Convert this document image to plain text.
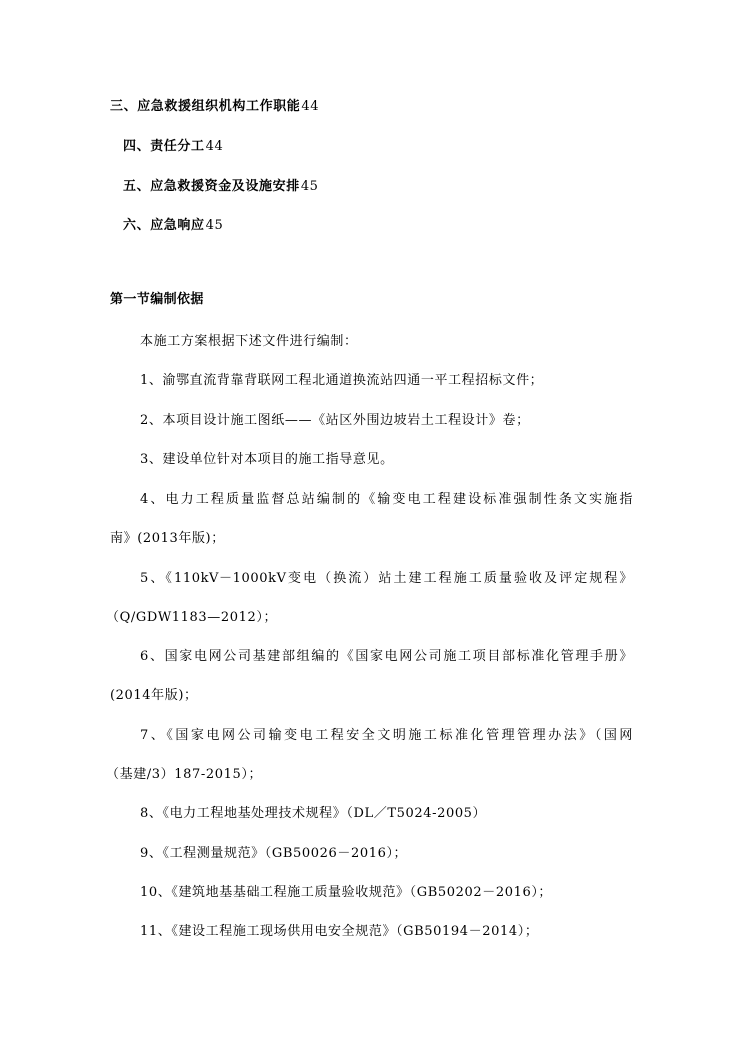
三、应急救援组织机构工作职能44
四、责任分工44
五、应急救援资金及设施安排45
六、应急响应45
第一节编制依据
本施工方案根据下述文件进行编制：
1、渝鄂直流背靠背联网工程北通道换流站四通一平工程招标文件；
2、本项目设计施工图纸——《站区外围边坡岩土工程设计》卷；
3、建设单位针对本项目的施工指导意见。
4、电力工程质量监督总站编制的《输变电工程建设标准强制性条文实施指
南》(2013年版)；
5、《110kV－1000kV变电（换流）站土建工程施工质量验收及评定规程》
（Q/GDW1183—2012）；
6、国家电网公司基建部组编的《国家电网公司施工项目部标准化管理手册》
(2014年版)；
7、《国家电网公司输变电工程安全文明施工标准化管理管理办法》（国网
（基建/3）187-2015）；
8、《电力工程地基处理技术规程》（DL／T5024-2005）
9、《工程测量规范》（GB50026－2016）；
10、《建筑地基基础工程施工质量验收规范》（GB50202－2016）；
11、《建设工程施工现场供用电安全规范》（GB50194－2014）；
